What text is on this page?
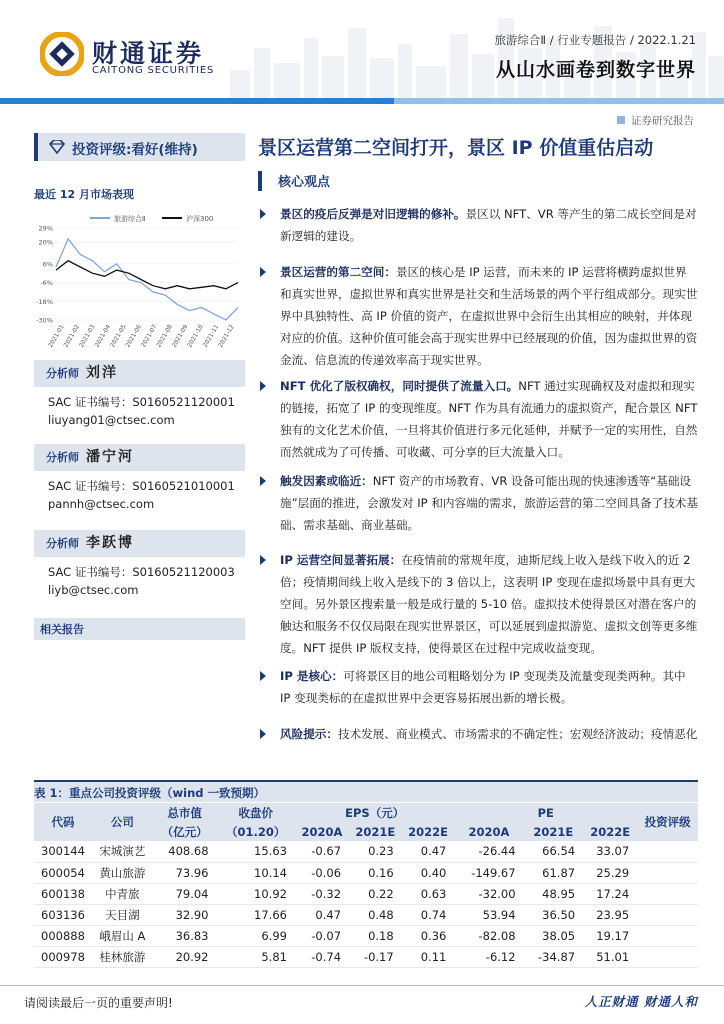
财通证券
CAITONG SECURITIES
旅游综合Ⅱ / 行业专题报告 / 2022.1.21
从山水画卷到数字世界
证券研究报告
投资评级:看好(维持)
最近 12 月市场表现
旅游综合Ⅱ	沪深300
29%
20%
6%
-6%
-18%
-30%
2021-01
2021-02
2021-03
2021-04
2021-05
2021-06
2021-07
2021-08
2021-09
2021-10
2021-11
2021-12
分析师 刘洋
SAC 证书编号：S0160521120001
liuyang01@ctsec.com
分析师 潘宁河
SAC 证书编号：S0160521010001
pannh@ctsec.com
分析师 李跃博
SAC 证书编号：S0160521120003
liyb@ctsec.com
相关报告
景区运营第二空间打开，景区 IP 价值重估启动
核心观点
景区的疫后反弹是对旧逻辑的修补。景区以 NFT、VR 等产生的第二成长空间是对新逻辑的建设。
景区运营的第二空间：景区的核心是 IP 运营，而未来的 IP 运营将横跨虚拟世界和真实世界，虚拟世界和真实世界是社交和生活场景的两个平行组成部分。现实世界中具独特性、高 IP 价值的资产，在虚拟世界中会衍生出其相应的映射，并体现对应的价值。这种价值可能会高于现实世界中已经展现的价值，因为虚拟世界的资金流、信息流的传递效率高于现实世界。
NFT 优化了版权确权，同时提供了流量入口。NFT 通过实现确权及对虚拟和现实的链接，拓宽了 IP 的变现维度。NFT 作为具有流通力的虚拟资产，配合景区 NFT 独有的文化艺术价值，一旦将其价值进行多元化延伸，并赋予一定的实用性，自然而然就成为了可传播、可收藏、可分享的巨大流量入口。
触发因素或临近：NFT 资产的市场教育、VR 设备可能出现的快速渗透等“基础设施”层面的推进，会激发对 IP 和内容端的需求，旅游运营的第二空间具备了技术基础、需求基础、商业基础。
IP 运营空间显著拓展：在疫情前的常规年度，迪斯尼线上收入是线下收入的近 2 倍；疫情期间线上收入是线下的 3 倍以上，这表明 IP 变现在虚拟场景中具有更大空间。另外景区搜索量一般是成行量的 5-10 倍。虚拟技术使得景区对潜在客户的触达和服务不仅仅局限在现实世界景区，可以延展到虚拟游览、虚拟文创等更多维度。NFT 提供 IP 版权支持，使得景区在过程中完成收益变现。
IP 是核心：可将景区目的地公司粗略划分为 IP 变现类及流量变现类两种。其中 IP 变现类标的在虚拟世界中会更容易拓展出新的增长极。
风险提示：技术发展、商业模式、市场需求的不确定性；宏观经济波动；疫情恶化
表 1：重点公司投资评级（wind 一致预期）
代码	公司	总市值	收盘价	EPS（元）			PE			投资评级
		（亿元）	（01.20）	2020A	2021E	2022E	2020A	2021E	2022E	
300144	宋城演艺	408.68	15.63	-0.67	0.23	0.47	-26.44	66.54	33.07	
600054	黄山旅游	73.96	10.14	-0.06	0.16	0.40	-149.67	61.87	25.29	
600138	中青旅	79.04	10.92	-0.32	0.22	0.63	-32.00	48.95	17.24	
603136	天目湖	32.90	17.66	0.47	0.48	0.74	53.94	36.50	23.95	
000888	峨眉山 A	36.83	6.99	-0.07	0.18	0.36	-82.08	38.05	19.17	
000978	桂林旅游	20.92	5.81	-0.74	-0.17	0.11	-6.12	-34.87	51.01	
请阅读最后一页的重要声明!	人正财通 财通人和
